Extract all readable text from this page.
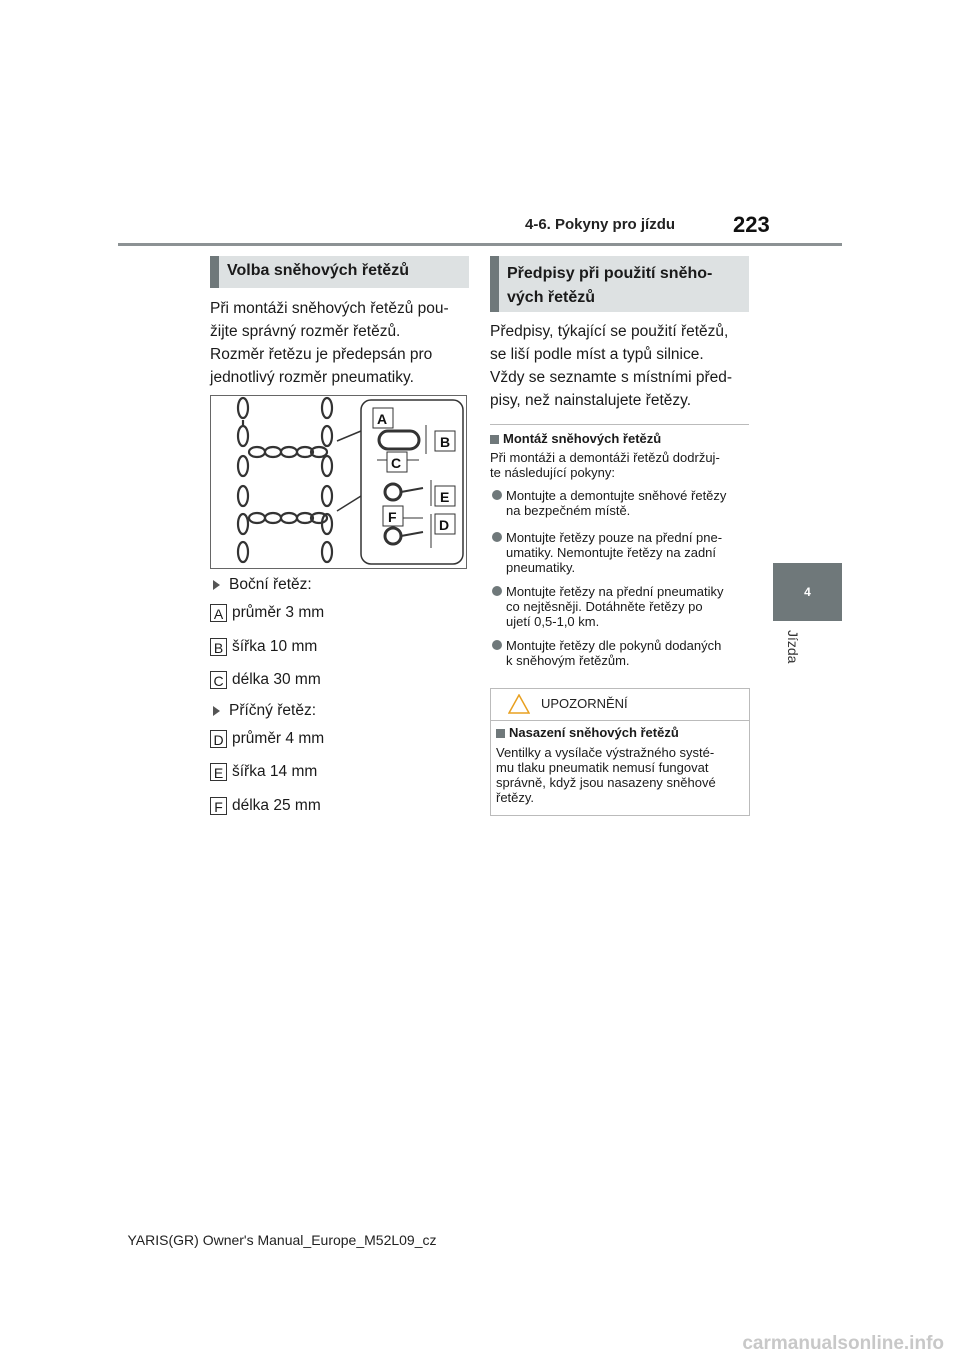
4-6. Pokyny pro jízdu	223
4
Jízda
Volba sněhových řetězů
Při montáži sněhových řetězů pou-
žijte správný rozměr řetězů.
Rozměr řetězu je předepsán pro
jednotlivý rozměr pneumatiky.
A
B
C
E
F	D
Boční řetěz:
A průměr 3 mm
B šířka 10 mm
C délka 30 mm
Příčný řetěz:
D průměr 4 mm
E šířka 14 mm
F délka 25 mm
Předpisy při použití sněho-
vých řetězů
Předpisy, týkající se použití řetězů,
se liší podle míst a typů silnice.
Vždy se seznamte s místními před-
pisy, než nainstalujete řetězy.
Montáž sněhových řetězů
Při montáži a demontáži řetězů dodržuj-
te následující pokyny:
Montujte a demontujte sněhové řetězy
na bezpečném místě.
Montujte řetězy pouze na přední pne-
umatiky. Nemontujte řetězy na zadní
pneumatiky.
Montujte řetězy na přední pneumatiky
co nejtěsněji. Dotáhněte řetězy po
ujetí 0,5-1,0 km.
Montujte řetězy dle pokynů dodaných
k sněhovým řetězům.
UPOZORNĚNÍ
Nasazení sněhových řetězů
Ventilky a vysílače výstražného systé-
mu tlaku pneumatik nemusí fungovat
správně, když jsou nasazeny sněhové
řetězy.
YARIS(GR) Owner's Manual_Europe_M52L09_cz
carmanualsonline.info
